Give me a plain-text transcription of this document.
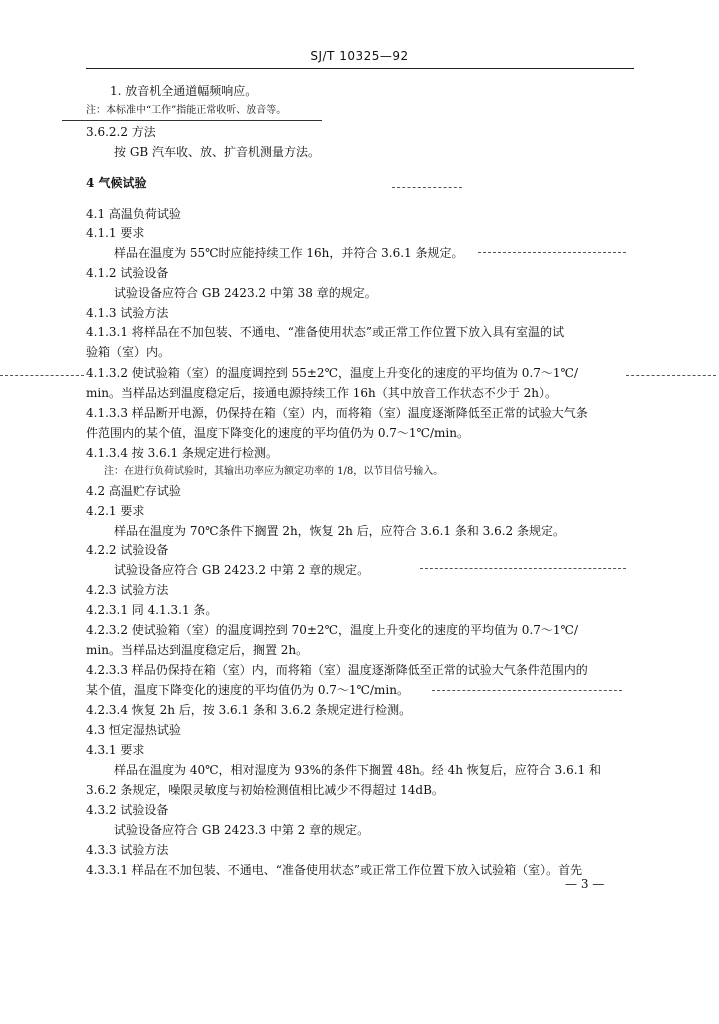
SJ/T 10325—92
1. 放音机全通道幅频响应。
注：本标准中“工作”指能正常收听、放音等。
3.6.2.2 方法
按 GB 汽车收、放、扩音机测量方法。
4 气候试验
4.1 高温负荷试验
4.1.1 要求
样品在温度为 55℃时应能持续工作 16h，并符合 3.6.1 条规定。
4.1.2 试验设备
试验设备应符合 GB 2423.2 中第 38 章的规定。
4.1.3 试验方法
4.1.3.1 将样品在不加包装、不通电、“准备使用状态”或正常工作位置下放入具有室温的试
验箱（室）内。
4.1.3.2 使试验箱（室）的温度调控到 55±2℃，温度上升变化的速度的平均值为 0.7～1℃/
min。当样品达到温度稳定后，接通电源持续工作 16h（其中放音工作状态不少于 2h）。
4.1.3.3 样品断开电源，仍保持在箱（室）内，而将箱（室）温度逐渐降低至正常的试验大气条
件范围内的某个值，温度下降变化的速度的平均值仍为 0.7～1℃/min。
4.1.3.4 按 3.6.1 条规定进行检测。
注：在进行负荷试验时，其输出功率应为额定功率的 1/8，以节目信号输入。
4.2 高温贮存试验
4.2.1 要求
样品在温度为 70℃条件下搁置 2h，恢复 2h 后，应符合 3.6.1 条和 3.6.2 条规定。
4.2.2 试验设备
试验设备应符合 GB 2423.2 中第 2 章的规定。
4.2.3 试验方法
4.2.3.1 同 4.1.3.1 条。
4.2.3.2 使试验箱（室）的温度调控到 70±2℃，温度上升变化的速度的平均值为 0.7～1℃/
min。当样品达到温度稳定后，搁置 2h。
4.2.3.3 样品仍保持在箱（室）内，而将箱（室）温度逐渐降低至正常的试验大气条件范围内的
某个值，温度下降变化的速度的平均值仍为 0.7～1℃/min。
4.2.3.4 恢复 2h 后，按 3.6.1 条和 3.6.2 条规定进行检测。
4.3 恒定湿热试验
4.3.1 要求
样品在温度为 40℃，相对湿度为 93%的条件下搁置 48h。经 4h 恢复后，应符合 3.6.1 和
3.6.2 条规定，噪限灵敏度与初始检测值相比减少不得超过 14dB。
4.3.2 试验设备
试验设备应符合 GB 2423.3 中第 2 章的规定。
4.3.3 试验方法
4.3.3.1 样品在不加包装、不通电、“准备使用状态”或正常工作位置下放入试验箱（室）。首先
— 3 —
